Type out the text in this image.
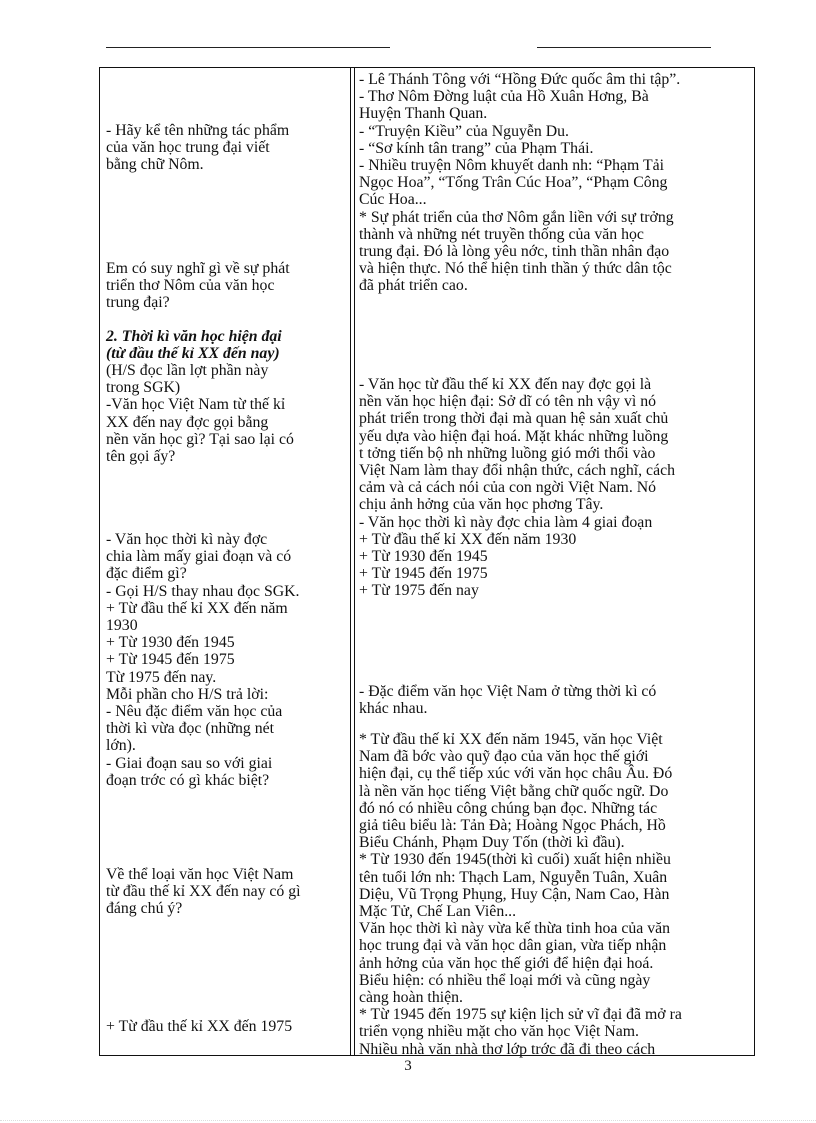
- Hãy kể tên những tác phẩm
của văn học trung đại viết
bằng chữ Nôm.
Em có suy nghĩ gì về sự phát
triển thơ Nôm của văn học
trung đại?
2. Thời kì văn học hiện đại
(từ đầu thế kỉ XX đến nay)
(H/S đọc lần lợt phần này
trong SGK)
-Văn học Việt Nam từ thế kỉ
XX đến nay đợc gọi bằng
nền văn học gì? Tại sao lại có
tên gọi ấy?
- Văn học thời kì này đợc
chia làm mấy giai đoạn và có
đặc điểm gì?
- Gọi H/S thay nhau đọc SGK.
+ Từ đầu thế kỉ XX đến năm
1930
+ Từ 1930 đến 1945
+ Từ 1945 đến 1975
Từ 1975 đến nay.
Mỗi phần cho H/S trả lời:
- Nêu đặc điểm văn học của
thời kì vừa đọc (những nét
lớn).
- Giai đoạn sau so với giai
đoạn trớc có gì khác biệt?
Về thể loại văn học Việt Nam
từ đầu thế kỉ XX đến nay có gì
đáng chú ý?
+ Từ đầu thế kỉ XX đến 1975
- Lê Thánh Tông với “Hồng Đức quốc âm thi tập”.
- Thơ Nôm Đờng luật của Hồ Xuân Hơng, Bà
Huyện Thanh Quan.
- “Truyện Kiều” của Nguyễn Du.
- “Sơ kính tân trang” của Phạm Thái.
- Nhiều truyện Nôm khuyết danh nh: “Phạm Tải
Ngọc Hoa”, “Tống Trân Cúc Hoa”, “Phạm Công
Cúc Hoa...
* Sự phát triển của thơ Nôm gắn liền với sự trởng
thành và những nét truyền thống của văn học
trung đại. Đó là lòng yêu nớc, tinh thần nhân đạo
và hiện thực. Nó thể hiện tinh thần ý thức dân tộc
đã phát triển cao.
- Văn học từ đầu thế kỉ XX đến nay đợc gọi là
nền văn học hiện đại: Sở dĩ có tên nh vậy vì nó
phát triển trong thời đại mà quan hệ sản xuất chủ
yếu dựa vào hiện đại hoá. Mặt khác những luồng
t tởng tiến bộ nh những luồng gió mới thổi vào
Việt Nam làm thay đổi nhận thức, cách nghĩ, cách
cảm và cả cách nói của con ngời Việt Nam. Nó
chịu ảnh hởng của văn học phơng Tây.
- Văn học thời kì này đợc chia làm 4 giai đoạn
+ Từ đầu thế kỉ XX đến năm 1930
+ Từ 1930 đến 1945
+ Từ 1945 đến 1975
+ Từ 1975 đến nay
- Đặc điểm văn học Việt Nam ở từng thời kì có
khác nhau.
* Từ đầu thế kỉ XX đến năm 1945, văn học Việt
Nam đã bớc vào quỹ đạo của văn học thế giới
hiện đại, cụ thể tiếp xúc với văn học châu Âu. Đó
là nền văn học tiếng Việt bằng chữ quốc ngữ. Do
đó nó có nhiều công chúng bạn đọc. Những tác
giả tiêu biểu là: Tản Đà; Hoàng Ngọc Phách, Hồ
Biểu Chánh, Phạm Duy Tốn (thời kì đầu).
* Từ 1930 đến 1945(thời kì cuối) xuất hiện nhiều
tên tuổi lớn nh: Thạch Lam, Nguyễn Tuân, Xuân
Diệu, Vũ Trọng Phụng, Huy Cận, Nam Cao, Hàn
Mặc Tử, Chế Lan Viên...
Văn học thời kì này vừa kế thừa tinh hoa của văn
học trung đại và văn học dân gian, vừa tiếp nhận
ảnh hởng của văn học thế giới để hiện đại hoá.
Biểu hiện: có nhiều thể loại mới và cũng ngày
càng hoàn thiện.
* Từ 1945 đến 1975 sự kiện lịch sử vĩ đại đã mở ra
triển vọng nhiều mặt cho văn học Việt Nam.
Nhiều nhà văn nhà thơ lớp trớc đã đi theo cách
3
